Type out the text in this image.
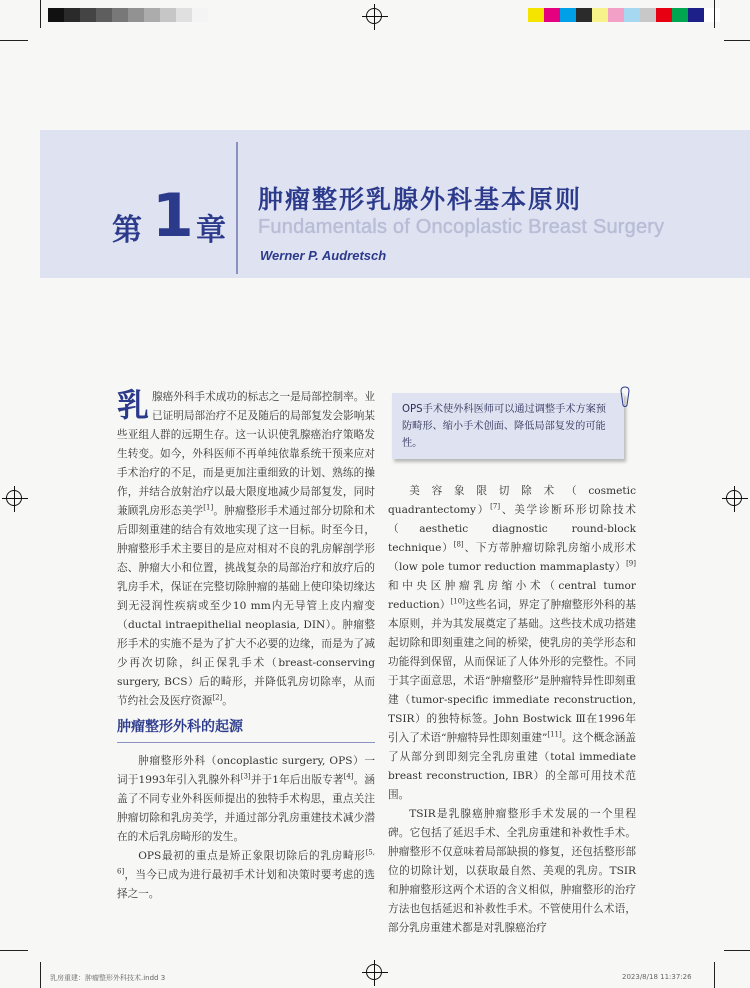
第 1 章
肿瘤整形乳腺外科基本原则
Fundamentals of Oncoplastic Breast Surgery
Werner P. Audretsch

乳 腺癌外科手术成功的标志之一是局部控制率。业已证明局部治疗不足及随后的局部复发会影响某些亚组人群的远期生存。这一认识使乳腺癌治疗策略发生转变。如今，外科医师不再单纯依靠系统干预来应对手术治疗的不足，而是更加注重细致的计划、熟练的操作，并结合放射治疗以最大限度地减少局部复发，同时兼顾乳房形态美学[1]。肿瘤整形手术通过部分切除和术后即刻重建的结合有效地实现了这一目标。时至今日，肿瘤整形手术主要目的是应对相对不良的乳房解剖学形态、肿瘤大小和位置，挑战复杂的局部治疗和放疗后的乳房手术，保证在完整切除肿瘤的基础上使印染切缘达到无浸润性疾病或至少10 mm内无导管上皮内瘤变（ductal intraepithelial neoplasia, DIN）。肿瘤整形手术的实施不是为了扩大不必要的边缘，而是为了减少再次切除，纠正保乳手术（breast-conserving surgery, BCS）后的畸形，并降低乳房切除率，从而节约社会及医疗资源[2]。

肿瘤整形外科的起源

肿瘤整形外科（oncoplastic surgery, OPS）一词于1993年引入乳腺外科[3]并于1年后出版专著[4]。涵盖了不同专业外科医师提出的独特手术构思，重点关注肿瘤切除和乳房美学，并通过部分乳房重建技术减少潜在的术后乳房畸形的发生。

OPS最初的重点是矫正象限切除后的乳房畸形[5, 6]，当今已成为进行最初手术计划和决策时要考虑的选择之一。

OPS手术使外科医师可以通过调整手术方案预防畸形、缩小手术创面、降低局部复发的可能性。

美容象限切除术（cosmetic quadrantectomy）[7]、美学诊断环形切除技术（aesthetic diagnostic round-block technique）[8]、下方蒂肿瘤切除乳房缩小成形术（low pole tumor reduction mammaplasty）[9]和中央区肿瘤乳房缩小术（central tumor reduction）[10]这些名词，界定了肿瘤整形外科的基本原则，并为其发展奠定了基础。这些技术成功搭建起切除和即刻重建之间的桥梁，使乳房的美学形态和功能得到保留，从而保证了人体外形的完整性。不同于其字面意思，术语“肿瘤整形”是肿瘤特异性即刻重建（tumor-specific immediate reconstruction, TSIR）的独特标签。John Bostwick Ⅲ在1996年引入了术语“肿瘤特异性即刻重建”[11]。这个概念涵盖了从部分到即刻完全乳房重建（total immediate breast reconstruction, IBR）的全部可用技术范围。

TSIR是乳腺癌肿瘤整形手术发展的一个里程碑。它包括了延迟手术、全乳房重建和补救性手术。肿瘤整形不仅意味着局部缺损的修复，还包括整形部位的切除计划，以获取最自然、美观的乳房。TSIR和肿瘤整形这两个术语的含义相似，肿瘤整形的治疗方法也包括延迟和补救性手术。不管使用什么术语，部分乳房重建术都是对乳腺癌治疗

乳房重建：肿瘤整形外科技术.indd 3	2023/8/18 11:37:26
